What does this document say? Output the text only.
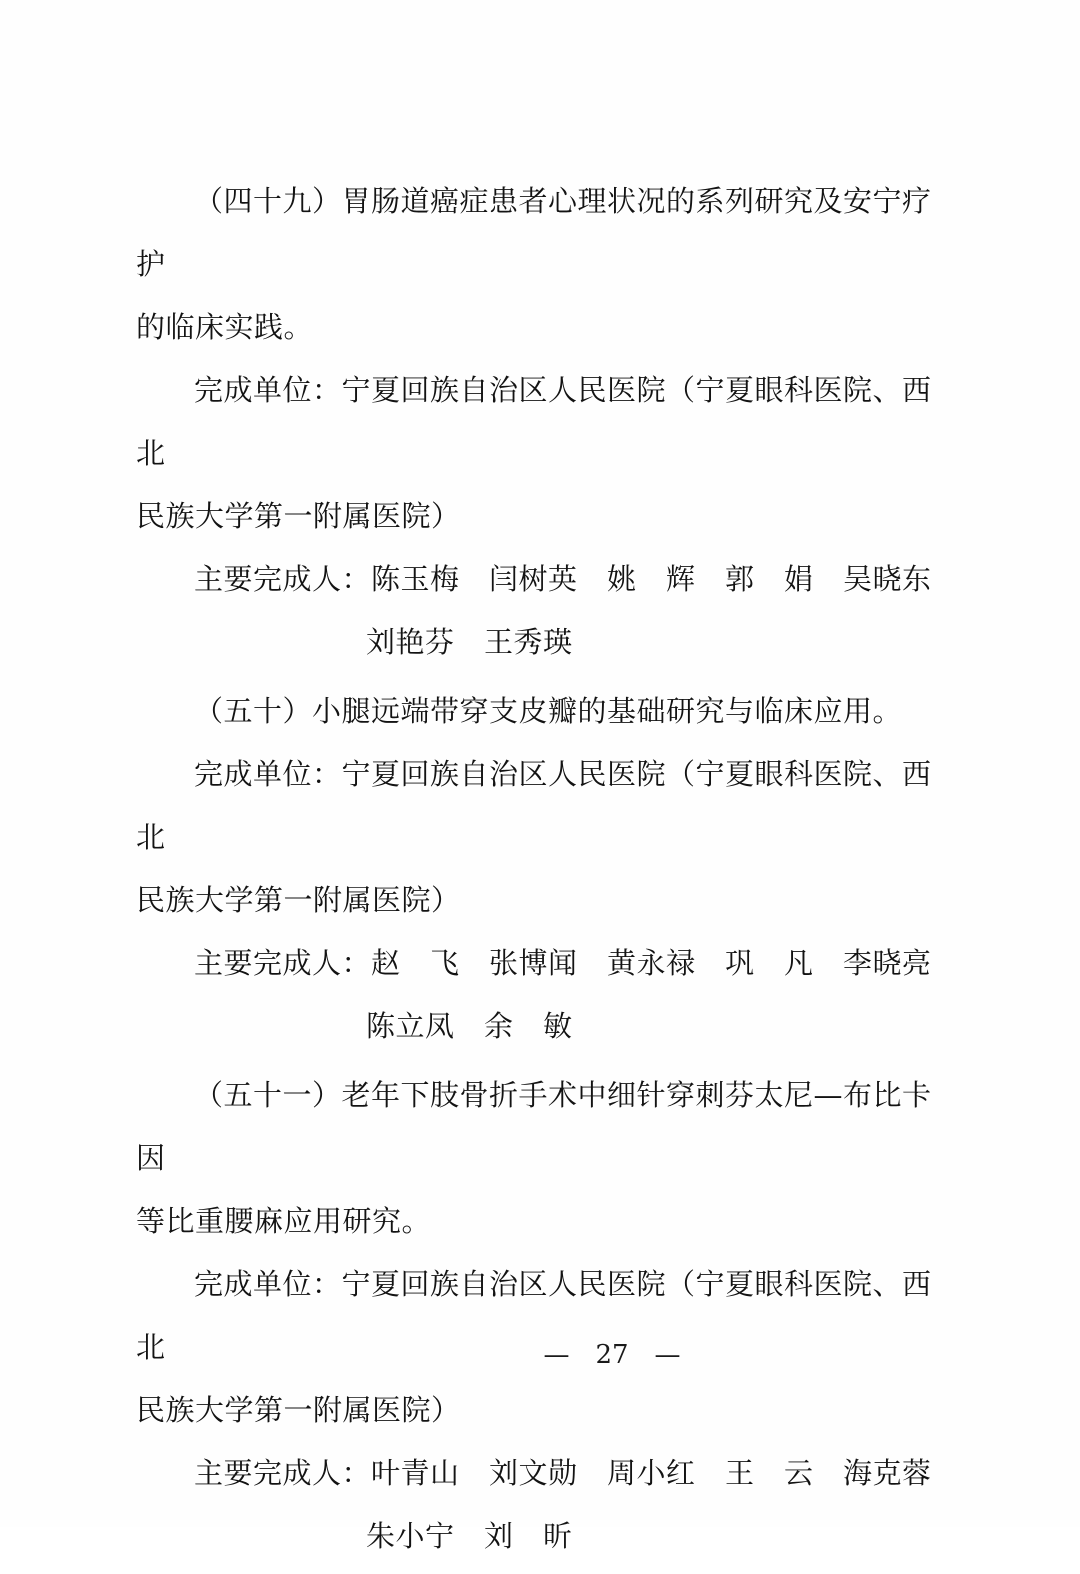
（四十九）胃肠道癌症患者心理状况的系列研究及安宁疗护
的临床实践。
完成单位：宁夏回族自治区人民医院（宁夏眼科医院、西北
民族大学第一附属医院）
主要完成人：陈玉梅　闫树英　姚　辉　郭　娟　吴晓东
刘艳芬　王秀瑛
（五十）小腿远端带穿支皮瓣的基础研究与临床应用。
完成单位：宁夏回族自治区人民医院（宁夏眼科医院、西北
民族大学第一附属医院）
主要完成人：赵　飞　张博闻　黄永禄　巩　凡　李晓亮
陈立凤　余　敏
（五十一）老年下肢骨折手术中细针穿刺芬太尼—布比卡因
等比重腰麻应用研究。
完成单位：宁夏回族自治区人民医院（宁夏眼科医院、西北
民族大学第一附属医院）
主要完成人：叶青山　刘文勋　周小红　王　云　海克蓉
朱小宁　刘　昕
— 27 —
